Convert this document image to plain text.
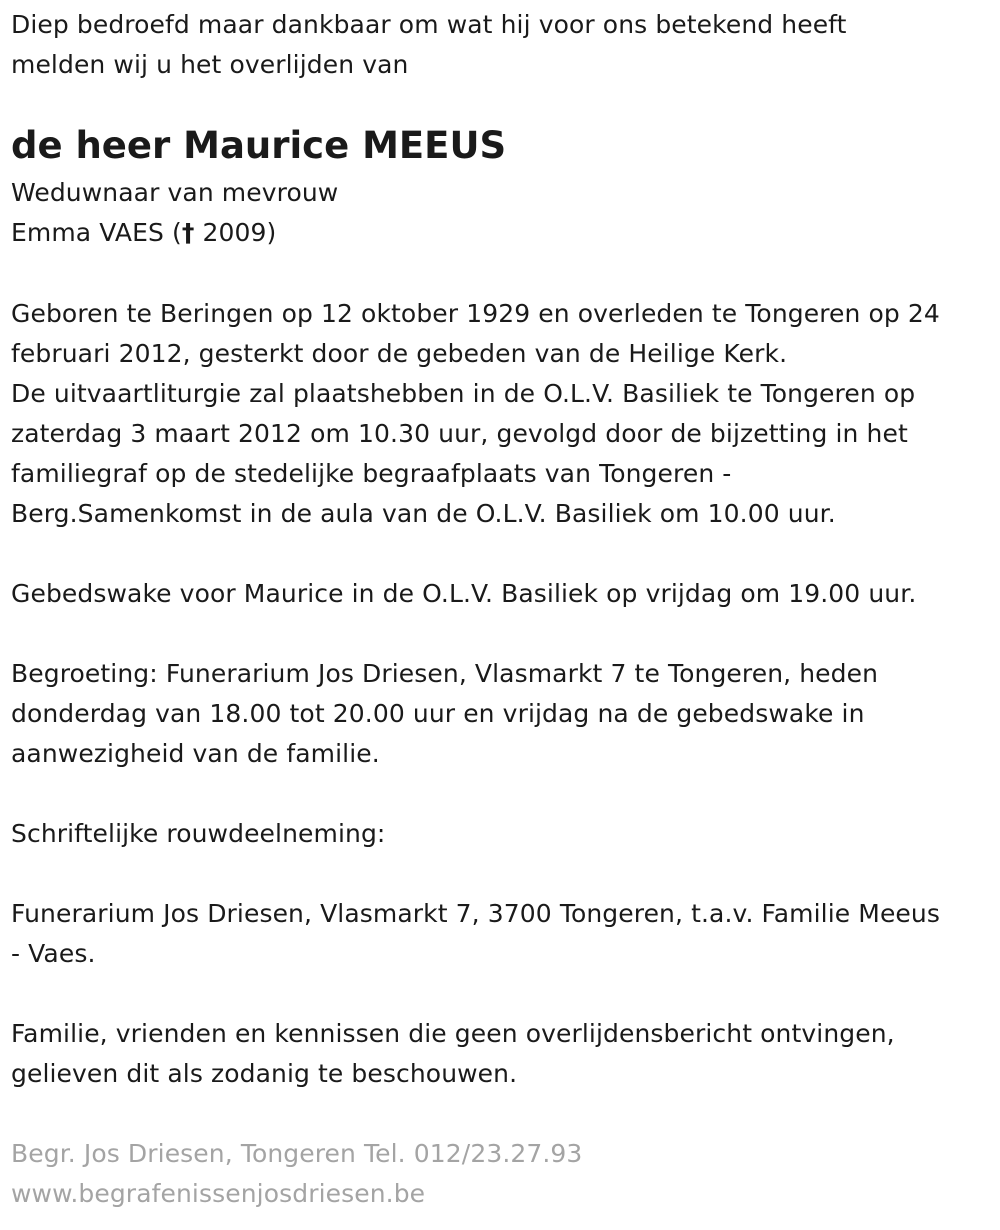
Diep bedroefd maar dankbaar om wat hij voor ons betekend heeft
melden wij u het overlijden van
de heer Maurice MEEUS
Weduwnaar van mevrouw
Emma VAES († 2009)
Geboren te Beringen op 12 oktober 1929 en overleden te Tongeren op 24
februari 2012, gesterkt door de gebeden van de Heilige Kerk.
De uitvaartliturgie zal plaatshebben in de O.L.V. Basiliek te Tongeren op
zaterdag 3 maart 2012 om 10.30 uur, gevolgd door de bijzetting in het
familiegraf op de stedelijke begraafplaats van Tongeren -
Berg.Samenkomst in de aula van de O.L.V. Basiliek om 10.00 uur.
Gebedswake voor Maurice in de O.L.V. Basiliek op vrijdag om 19.00 uur.
Begroeting: Funerarium Jos Driesen, Vlasmarkt 7 te Tongeren, heden
donderdag van 18.00 tot 20.00 uur en vrijdag na de gebedswake in
aanwezigheid van de familie.
Schriftelijke rouwdeelneming:
Funerarium Jos Driesen, Vlasmarkt 7, 3700 Tongeren, t.a.v. Familie Meeus
- Vaes.
Familie, vrienden en kennissen die geen overlijdensbericht ontvingen,
gelieven dit als zodanig te beschouwen.
Begr. Jos Driesen, Tongeren Tel. 012/23.27.93
www.begrafenissenjosdriesen.be
